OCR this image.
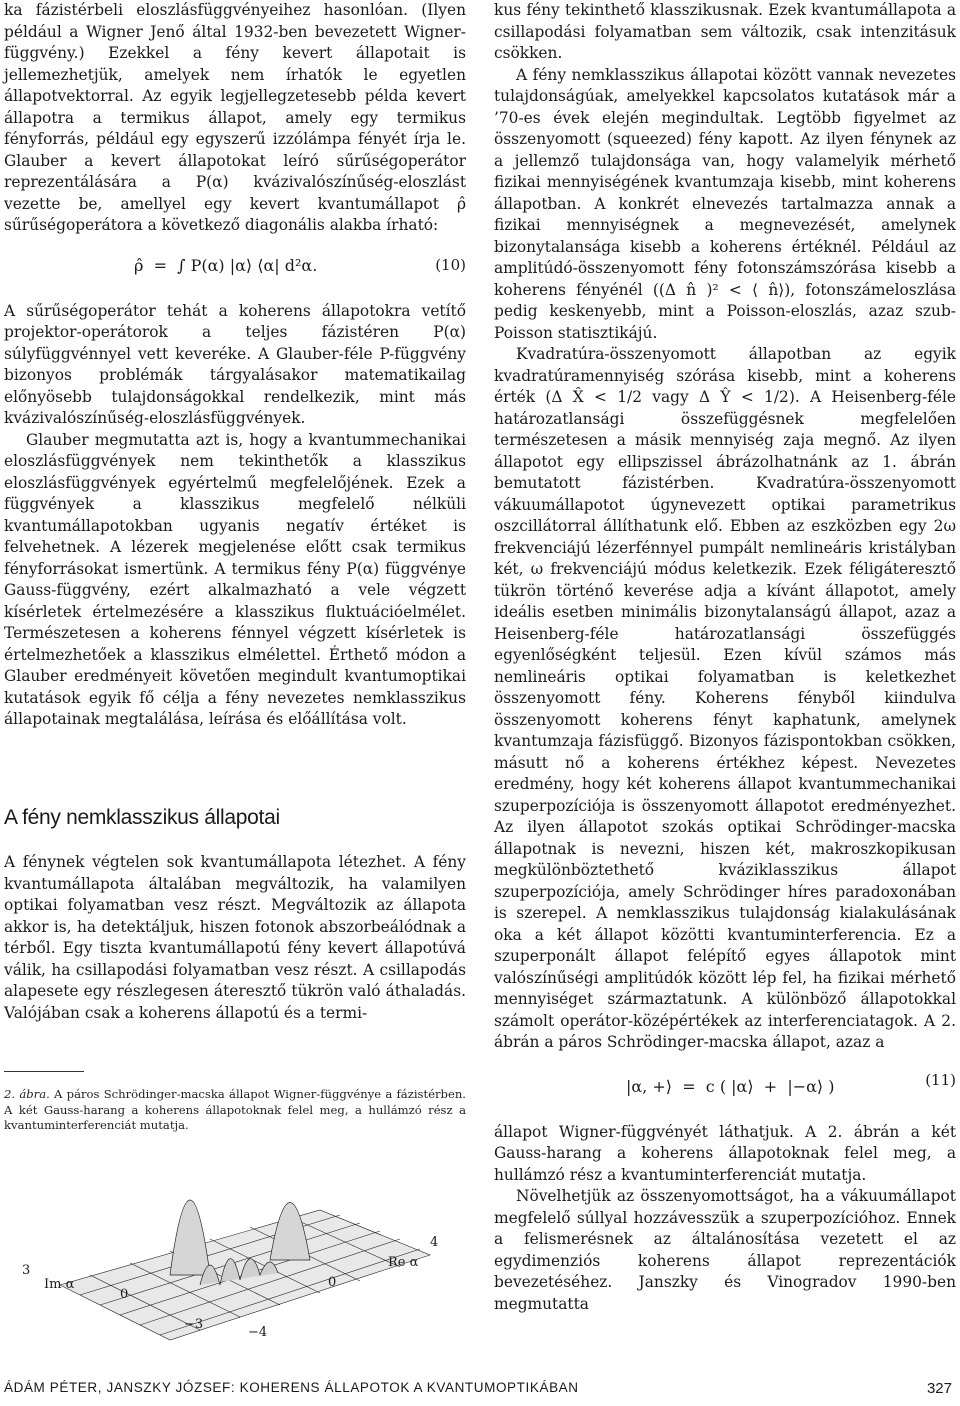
ka fázistérbeli eloszlásfüggvényeihez hasonlóan. (Ilyen például a Wigner Jenő által 1932-ben bevezetett Wigner-függvény.) Ezekkel a fény kevert állapotait is jellemezhetjük, amelyek nem írhatók le egyetlen állapotvektorral. Az egyik legjellegzetesebb példa kevert állapotra a termikus állapot, amely egy termikus fényforrás, például egy egyszerű izzólámpa fényét írja le. Glauber a kevert állapotokat leíró sűrűségoperátor reprezentálására a P(α) kvázivalószínűség-eloszlást vezette be, amellyel egy kevert kvantumállapot ρ̂ sűrűségoperátora a következő diagonális alakba írható:

ρ̂  =  ∫ P(α) |α⟩ ⟨α| d²α.	(10)

A sűrűségoperátor tehát a koherens állapotokra vetítő projektor-operátorok a teljes fázistéren P(α) súlyfüggvénnyel vett keveréke. A Glauber-féle P-függvény bizonyos problémák tárgyalásakor matematikailag előnyösebb tulajdonságokkal rendelkezik, mint más kvázivalószínűség-eloszlásfüggvények.

Glauber megmutatta azt is, hogy a kvantummechanikai eloszlásfüggvények nem tekinthetők a klasszikus eloszlásfüggvények egyértelmű megfelelőjének. Ezek a függvények a klasszikus megfelelő nélküli kvantumállapotokban ugyanis negatív értéket is felvehetnek. A lézerek megjelenése előtt csak termikus fényforrásokat ismertünk. A termikus fény P(α) függvénye Gauss-függvény, ezért alkalmazható a vele végzett kísérletek értelmezésére a klasszikus fluktuációelmélet. Természetesen a koherens fénnyel végzett kísérletek is értelmezhetőek a klasszikus elmélettel. Érthető módon a Glauber eredményeit követően megindult kvantumoptikai kutatások egyik fő célja a fény nevezetes nemklasszikus állapotainak megtalálása, leírása és előállítása volt.

A fény nemklasszikus állapotai

A fénynek végtelen sok kvantumállapota létezhet. A fény kvantumállapota általában megváltozik, ha valamilyen optikai folyamatban vesz részt. Megváltozik az állapota akkor is, ha detektáljuk, hiszen fotonok abszorbeálódnak a térből. Egy tiszta kvantumállapotú fény kevert állapotúvá válik, ha csillapodási folyamatban vesz részt. A csillapodás alapesete egy részlegesen áteresztő tükrön való áthaladás. Valójában csak a koherens állapotú és a termi-

2. ábra. A páros Schrödinger-macska állapot Wigner-függvénye a fázistérben. A két Gauss-harang a koherens állapotoknak felel meg, a hullámzó rész a kvantuminterferenciát mutatja.
3
Im α
0
−3
−4
0
Re α
4

kus fény tekinthető klasszikusnak. Ezek kvantumállapota a csillapodási folyamatban sem változik, csak intenzitásuk csökken.

A fény nemklasszikus állapotai között vannak nevezetes tulajdonságúak, amelyekkel kapcsolatos kutatások már a ’70-es évek elején megindultak. Legtöbb figyelmet az összenyomott (squeezed) fény kapott. Az ilyen fénynek az a jellemző tulajdonsága van, hogy valamelyik mérhető fizikai mennyiségének kvantumzaja kisebb, mint koherens állapotban. A konkrét elnevezés tartalmazza annak a fizikai mennyiségnek a megnevezését, amelynek bizonytalansága kisebb a koherens értéknél. Például az amplitúdó-összenyomott fény fotonszámszórása kisebb a koherens fényénél ((Δ n̂ )² < ⟨ n̂⟩), fotonszámeloszlása pedig keskenyebb, mint a Poisson-eloszlás, azaz szub-Poisson statisztikájú.

Kvadratúra-összenyomott állapotban az egyik kvadratúramennyiség szórása kisebb, mint a koherens érték (Δ X̂ < 1/2 vagy Δ Ŷ < 1/2). A Heisenberg-féle határozatlansági összefüggésnek megfelelően természetesen a másik mennyiség zaja megnő. Az ilyen állapotot egy ellipszissel ábrázolhatnánk az 1. ábrán bemutatott fázistérben. Kvadratúra-összenyomott vákuumállapotot úgynevezett optikai parametrikus oszcillátorral állíthatunk elő. Ebben az eszközben egy 2ω frekvenciájú lézerfénnyel pumpált nemlineáris kristályban két, ω frekvenciájú módus keletkezik. Ezek féligáteresztő tükrön történő keverése adja a kívánt állapotot, amely ideális esetben minimális bizonytalanságú állapot, azaz a Heisenberg-féle határozatlansági összefüggés egyenlőségként teljesül. Ezen kívül számos más nemlineáris optikai folyamatban is keletkezhet összenyomott fény. Koherens fényből kiindulva összenyomott koherens fényt kaphatunk, amelynek kvantumzaja fázisfüggő. Bizonyos fázispontokban csökken, másutt nő a koherens értékhez képest. Nevezetes eredmény, hogy két koherens állapot kvantummechanikai szuperpozíciója is összenyomott állapotot eredményezhet. Az ilyen állapotot szokás optikai Schrödinger-macska állapotnak is nevezni, hiszen két, makroszkopikusan megkülönböztethető kváziklasszikus állapot szuperpozíciója, amely Schrödinger híres paradoxonában is szerepel. A nemklasszikus tulajdonság kialakulásának oka a két állapot közötti kvantuminterferencia. Ez a szuperponált állapot felépítő egyes állapotok mint valószínűségi amplitúdók között lép fel, ha fizikai mérhető mennyiséget származtatunk. A különböző állapotokkal számolt operátor-középértékek az interferenciatagok. A 2. ábrán a páros Schrödinger-macska állapot, azaz a

|α, +⟩  =  c ( |α⟩  +  |−α⟩ )	(11)

állapot Wigner-függvényét láthatjuk. A 2. ábrán a két Gauss-harang a koherens állapotoknak felel meg, a hullámzó rész a kvantuminterferenciát mutatja.

Növelhetjük az összenyomottságot, ha a vákuumállapot megfelelő súllyal hozzávesszük a szuperpozícióhoz. Ennek a felismerésnek az általánosítása vezetett el az egydimenziós koherens állapot reprezentációk bevezetéséhez. Janszky és Vinogradov 1990-ben megmutatta

ÁDÁM PÉTER, JANSZKY JÓZSEF: KOHERENS ÁLLAPOTOK A KVANTUMOPTIKÁBAN	327
